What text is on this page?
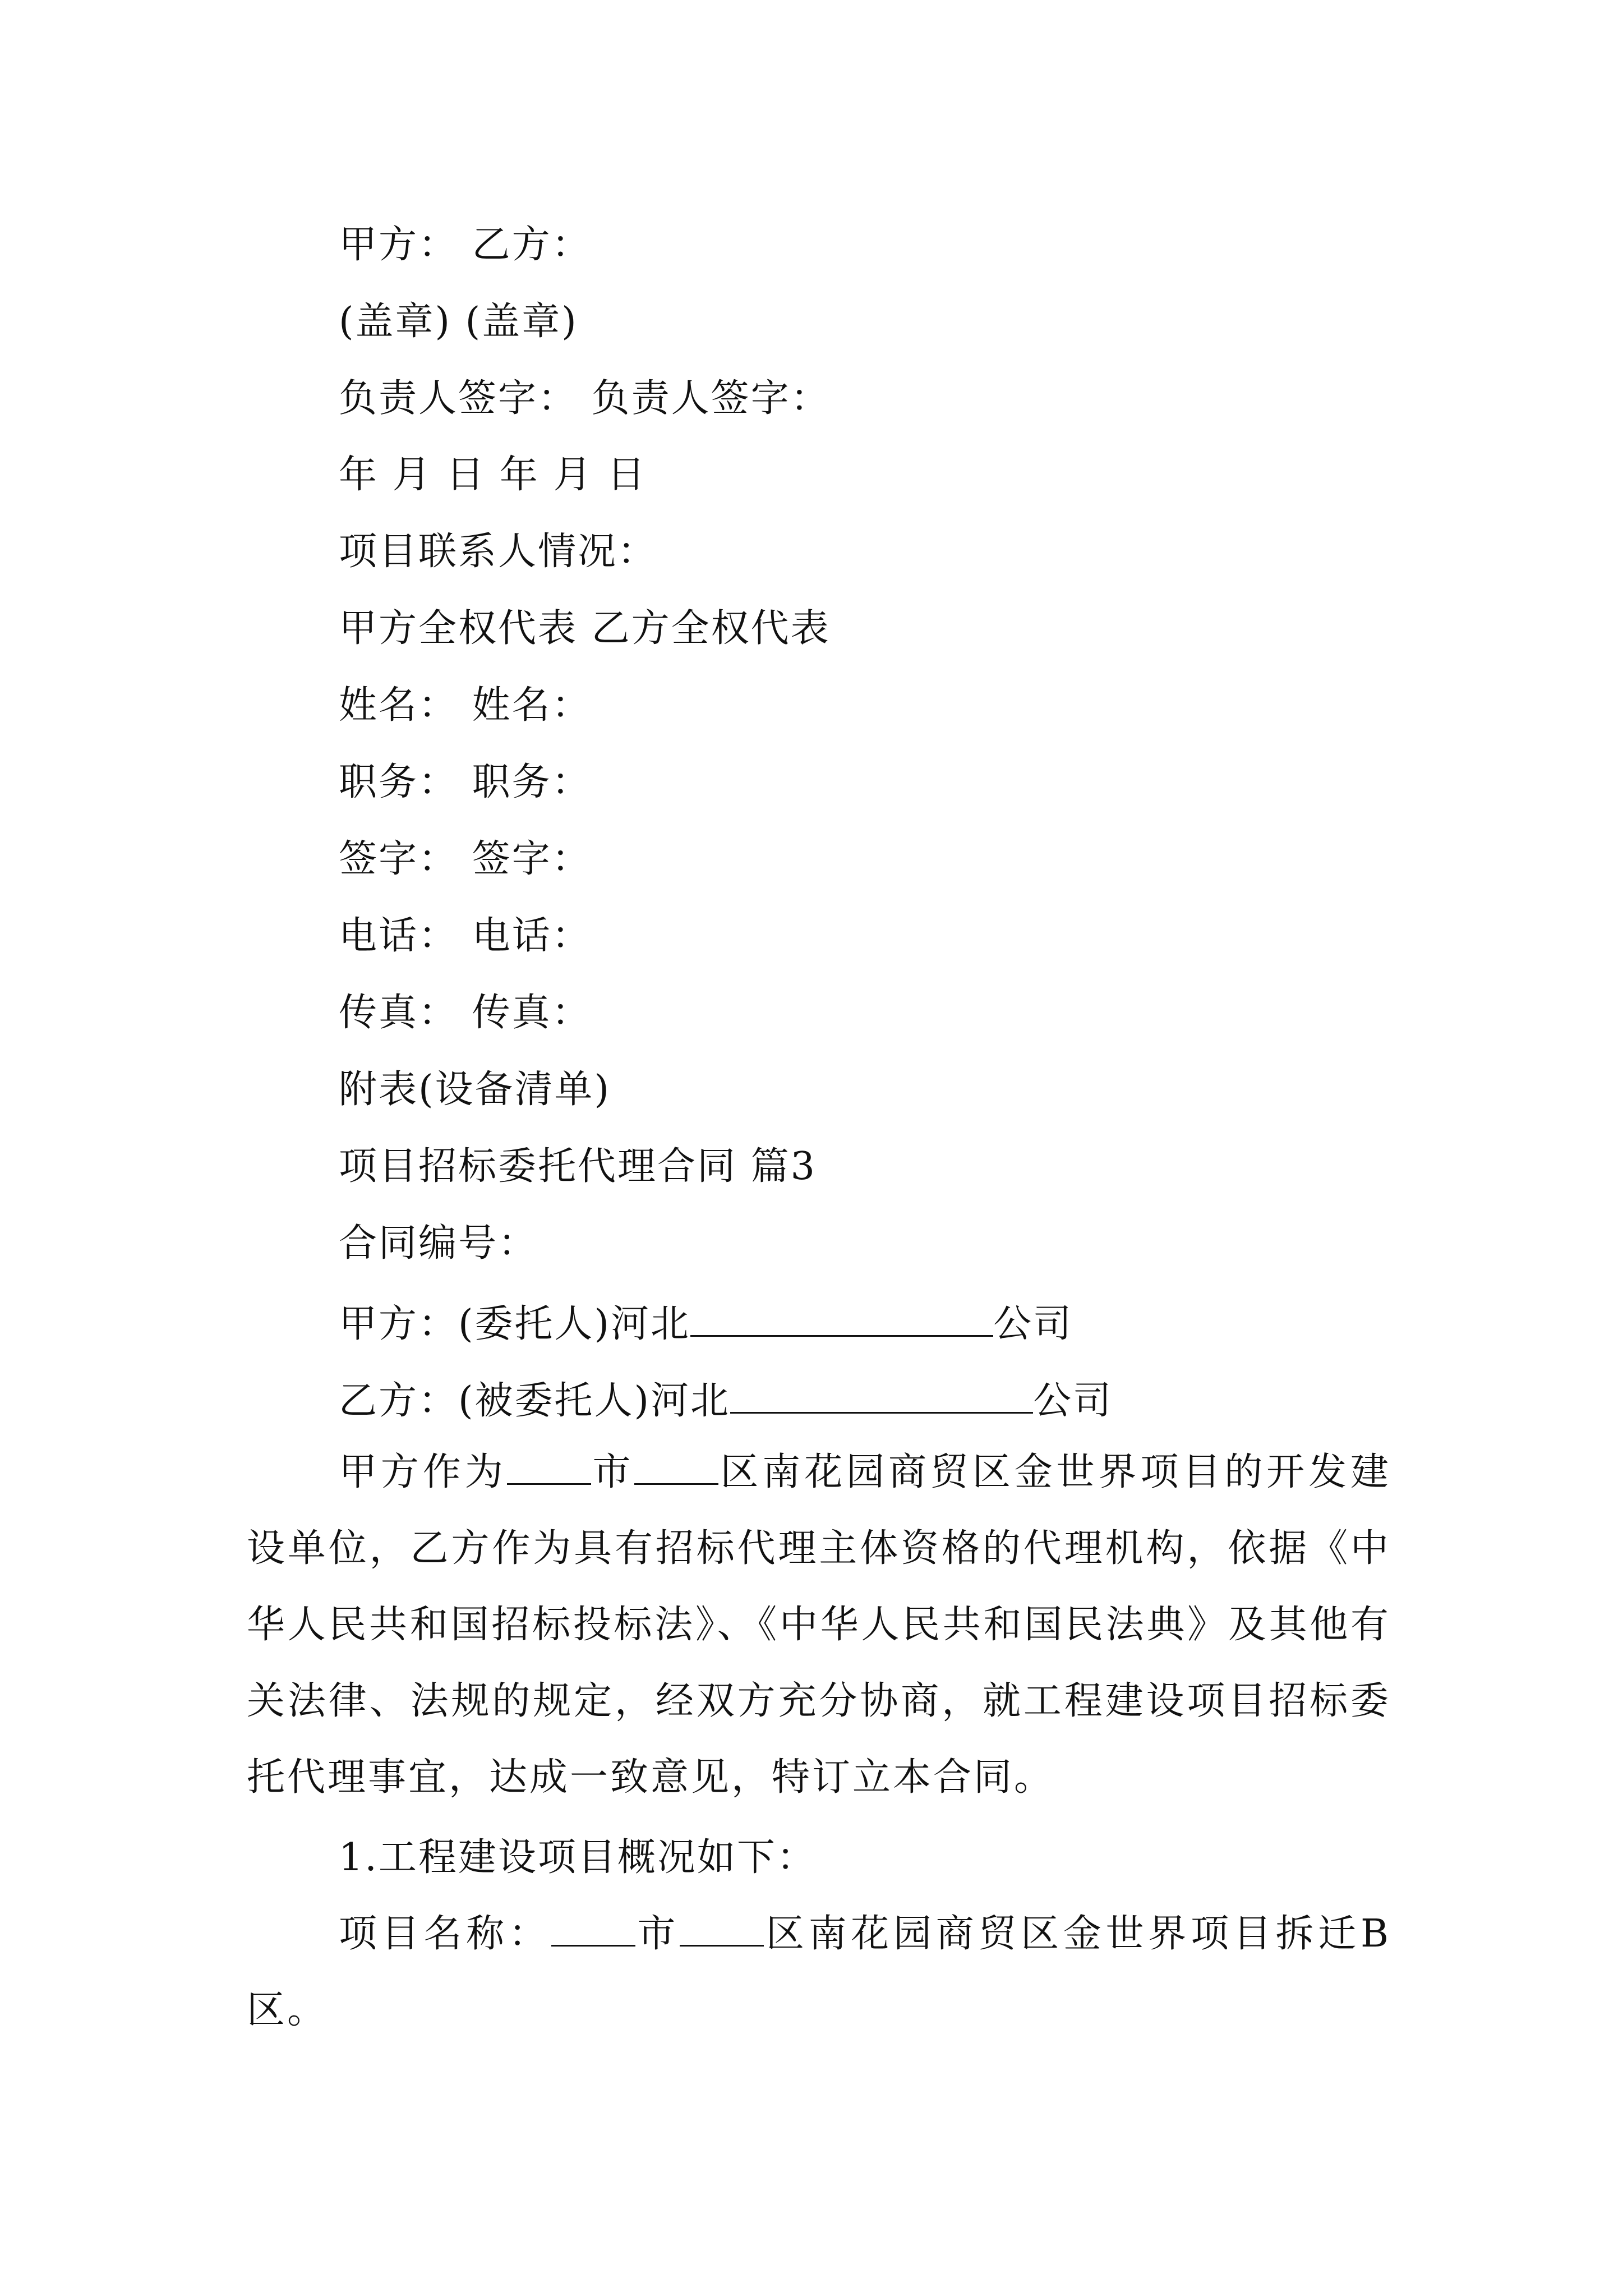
甲方： 乙方：
(盖章) (盖章)
负责人签字： 负责人签字：
年 月 日 年 月 日
项目联系人情况：
甲方全权代表 乙方全权代表
姓名： 姓名：
职务： 职务：
签字： 签字：
电话： 电话：
传真： 传真：
附表(设备清单)
项目招标委托代理合同 篇3
合同编号：
甲方：(委托人)河北	公司
乙方：(被委托人)河北	公司
甲方作为 市 区南花园商贸区金世界项目的开发建设单位，乙方作为具有招标代理主体资格的代理机构，依据《中华人民共和国招标投标法》、《中华人民共和国民法典》及其他有关法律、法规的规定，经双方充分协商，就工程建设项目招标委托代理事宜，达成一致意见，特订立本合同。
1.工程建设项目概况如下：
项目名称： 市 区南花园商贸区金世界项目拆迁B区。
